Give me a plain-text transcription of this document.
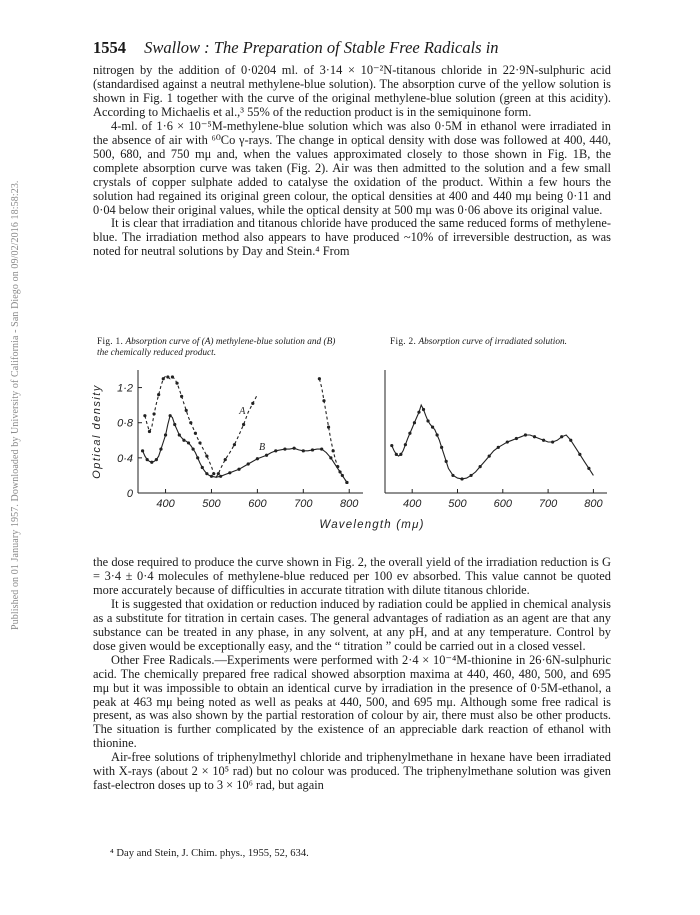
Published on 01 January 1957. Downloaded by University of California - San Diego on 09/02/2016 18:58:23.
1554 Swallow : The Preparation of Stable Free Radicals in

nitrogen by the addition of 0·0204 ml. of 3·14 × 10⁻²N-titanous chloride in 22·9N-sulphuric acid (standardised against a neutral methylene-blue solution). The absorption curve of the yellow solution is shown in Fig. 1 together with the curve of the original methylene-blue solution (green at this acidity). According to Michaelis et al.,³ 55% of the reduction product is in the semiquinone form.

4-ml. of 1·6 × 10⁻⁵M-methylene-blue solution which was also 0·5M in ethanol were irradiated in the absence of air with ⁶⁰Co γ-rays. The change in optical density with dose was followed at 400, 440, 500, 680, and 750 mμ and, when the values approximated closely to those shown in Fig. 1B, the complete absorption curve was taken (Fig. 2). Air was then admitted to the solution and a few small crystals of copper sulphate added to catalyse the oxidation of the product. Within a few hours the solution had regained its original green colour, the optical densities at 400 and 440 mμ being 0·11 and 0·04 below their original values, while the optical density at 500 mμ was 0·06 above its original value.

It is clear that irradiation and titanous chloride have produced the same reduced forms of methylene-blue. The irradiation method also appears to have produced ~10% of irreversible destruction, as was noted for neutral solutions by Day and Stein.⁴ From

Fig. 1. Absorption curve of (A) methylene-blue solution and (B) the chemically reduced product.
Fig. 2. Absorption curve of irradiated solution.
400	500	600	700	800
0
0·4
0·8
1·2
Optical density	A
B
400 500 600 700 800
Wavelength (mμ)

the dose required to produce the curve shown in Fig. 2, the overall yield of the irradiation reduction is G = 3·4 ± 0·4 molecules of methylene-blue reduced per 100 ev absorbed. This value cannot be quoted more accurately because of difficulties in accurate titration with dilute titanous chloride.

It is suggested that oxidation or reduction induced by radiation could be applied in chemical analysis as a substitute for titration in certain cases. The general advantages of radiation as an agent are that any substance can be treated in any phase, in any solvent, at any pH, and at any temperature. Control by dose given would be exceptionally easy, and the “ titration ” could be carried out in a closed vessel.

Other Free Radicals.—Experiments were performed with 2·4 × 10⁻⁴M-thionine in 26·6N-sulphuric acid. The chemically prepared free radical showed absorption maxima at 440, 460, 480, 500, and 695 mμ but it was impossible to obtain an identical curve by irradiation in the presence of 0·5M-ethanol, a peak at 463 mμ being noted as well as peaks at 440, 500, and 695 mμ. Although some free radical is present, as was also shown by the partial restoration of colour by air, there must also be other products. The situation is further complicated by the existence of an appreciable dark reaction of ethanol with thionine.

Air-free solutions of triphenylmethyl chloride and triphenylmethane in hexane have been irradiated with X-rays (about 2 × 10⁵ rad) but no colour was produced. The triphenylmethane solution was given fast-electron doses up to 3 × 10⁶ rad, but again

⁴ Day and Stein, J. Chim. phys., 1955, 52, 634.
